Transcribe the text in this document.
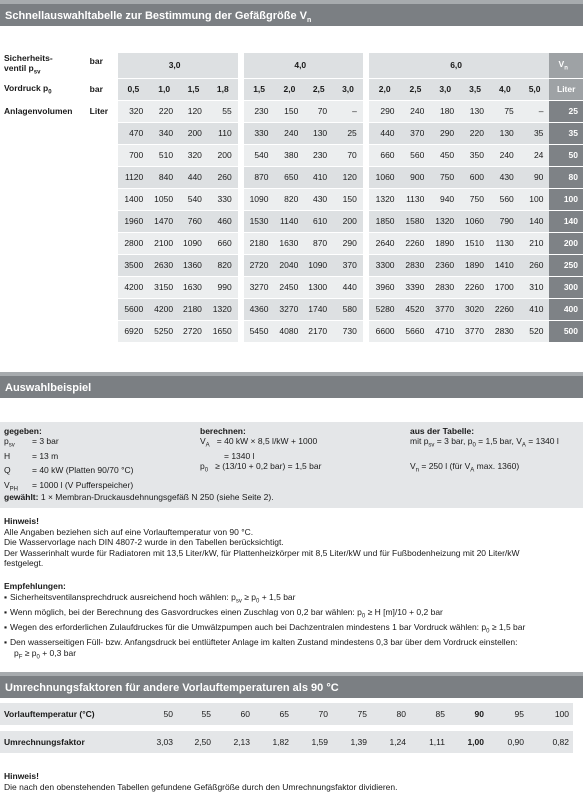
Schnellauswahltabelle zur Bestimmung der Gefäßgröße $V_n$
Sicherheits-
ventil $p_{sv}$	bar	3,0					4,0					6,0						$V_n$
Vordruck $p_0$	bar	0,5	1,0	1,5	1,8		1,5	2,0	2,5	3,0		2,0	2,5	3,0	3,5	4,0	5,0	Liter
Anlagenvolumen	Liter	320	220	120	55		230	150	70	–		290	240	180	130	75	–	25
		470	340	200	110		330	240	130	25		440	370	290	220	130	35	35
		700	510	320	200		540	380	230	70		660	560	450	350	240	24	50
		1120	840	440	260		870	650	410	120		1060	900	750	600	430	90	80
		1400	1050	540	330		1090	820	430	150		1320	1130	940	750	560	100	100
		1960	1470	760	460		1530	1140	610	200		1850	1580	1320	1060	790	140	140
		2800	2100	1090	660		2180	1630	870	290		2640	2260	1890	1510	1130	210	200
		3500	2630	1360	820		2720	2040	1090	370		3300	2830	2360	1890	1410	260	250
		4200	3150	1630	990		3270	2450	1300	440		3960	3390	2830	2260	1700	310	300
		5600	4200	2180	1320		4360	3270	1740	580		5280	4520	3770	3020	2260	410	400
		6920	5250	2720	1650		5450	4080	2170	730		6600	5660	4710	3770	2830	520	500
Auswahlbeispiel
gegeben:
$p_{sv} = 3$ bar
H	= 13 m
Q	= 40 kW (Platten 90/70 °C)
$V_{PH} = 1000$ l (V Pufferspeicher)
berechnen:
$V_A = 40$ kW × 8,5 l/kW + 1000
= 1340 l
$p_0 \ge (13/10 + 0,2$ bar) = 1,5 bar
aus der Tabelle:
mit $p_{sv} = 3$ bar, $p_0 = 1,5$ bar, $V_A = 1340$ l

$V_n = 250$ l (für $V_A$ max. 1360)
gewählt: 1 × Membran-Druckausdehnungsgefäß N 250 (siehe Seite 2).
Hinweis!
Alle Angaben beziehen sich auf eine Vorlauftemperatur von 90 °C.
Die Wasservorlage nach DIN 4807-2 wurde in den Tabellen berücksichtigt.
Der Wasserinhalt wurde für Radiatoren mit 13,5 Liter/kW, für Plattenheizkörper mit 8,5 Liter/kW und für Fußbodenheizung mit 20 Liter/kW
festgelegt.
Empfehlungen:
▪ Sicherheitsventilansprechdruck ausreichend hoch wählen: $p_{sv} \ge p_0 + 1,5$ bar
▪ Wenn möglich, bei der Berechnung des Gasvordruckes einen Zuschlag von 0,2 bar wählen: $p_0 \ge H$ [m]/10 + 0,2 bar
▪ Wegen des erforderlichen Zulaufdruckes für die Umwälzpumpen auch bei Dachzentralen mindestens 1 bar Vordruck wählen: $p_0 \ge 1,5$ bar
▪ Den wasserseitigen Füll- bzw. Anfangsdruck bei entlüfteter Anlage im kalten Zustand mindestens 0,3 bar über dem Vordruck einstellen:
$p_F \ge p_0 + 0,3$ bar
Umrechnungsfaktoren für andere Vorlauftemperaturen als 90 °C
Vorlauftemperatur (°C)	50	55	60	65	70	75	80	85	90	95	100

Umrechnungsfaktor	3,03	2,50	2,13	1,82	1,59	1,39	1,24	1,11	1,00	0,90	0,82
Hinweis!
Die nach den obenstehenden Tabellen gefundene Gefäßgröße durch den Umrechnungsfaktor dividieren.
